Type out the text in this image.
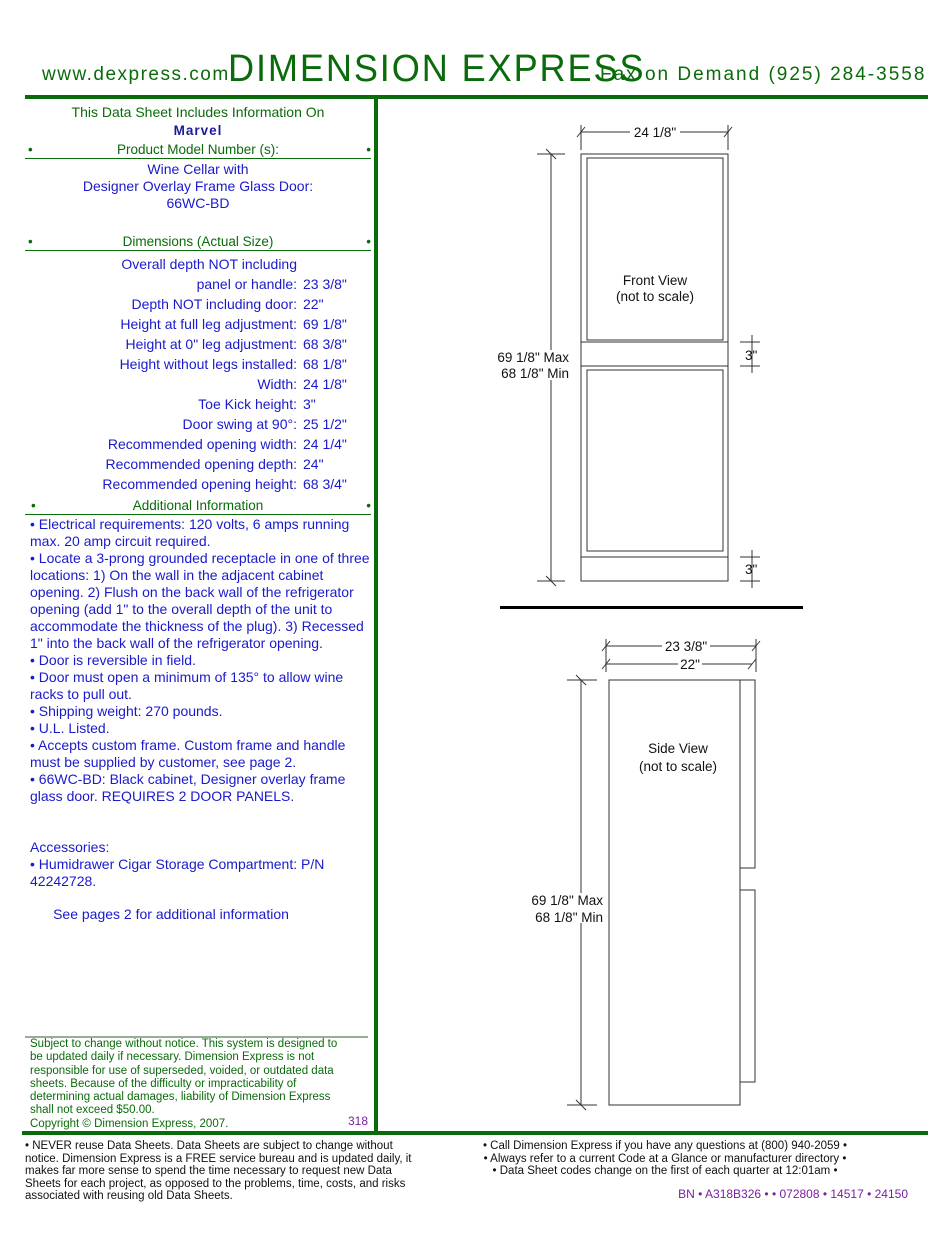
www.dexpress.com
DIMENSION EXPRESS
Fax on Demand (925) 284-3558
This Data Sheet Includes Information On
Marvel
•	Product Model Number (s):	•
Wine Cellar with
Designer Overlay Frame Glass Door:
66WC-BD
•	Dimensions (Actual Size)	•
Overall depth NOT including
panel or handle: 23 3/8"
Depth NOT including door: 22"
Height at full leg adjustment: 69 1/8"
Height at 0" leg adjustment: 68 3/8"
Height without legs installed: 68 1/8"
Width: 24 1/8"
Toe Kick height: 3"
Door swing at 90°: 25 1/2"
Recommended opening width: 24 1/4"
Recommended opening depth: 24"
Recommended opening height: 68 3/4"
•	Additional Information	•
• Electrical requirements: 120 volts, 6 amps running max. 20 amp circuit required.
• Locate a 3-prong grounded receptacle in one of three locations: 1) On the wall in the adjacent cabinet opening. 2) Flush on the back wall of the refrigerator opening (add 1" to the overall depth of the unit to accommodate the thickness of the plug). 3) Recessed 1" into the back wall of the refrigerator opening.
• Door is reversible in field.
• Door must open a minimum of 135° to allow wine racks to pull out.
• Shipping weight: 270 pounds.
• U.L. Listed.
• Accepts custom frame. Custom frame and handle must be supplied by customer, see page 2.
• 66WC-BD: Black cabinet, Designer overlay frame glass door. REQUIRES 2 DOOR PANELS.
Accessories:
• Humidrawer Cigar Storage Compartment: P/N 42242728.
See pages 2 for additional information
Subject to change without notice. This system is designed to be updated daily if necessary. Dimension Express is not responsible for use of superseded, voided, or outdated data sheets. Because of the difficulty or impracticability of determining actual damages, liability of Dimension Express shall not exceed $50.00.
Copyright © Dimension Express, 2007.	318
24 1/8"
Front View
(not to scale)
69 1/8" Max
68 1/8" Min
3"
3"
23 3/8"
22"
Side View
(not to scale)
69 1/8" Max
68 1/8" Min
• NEVER reuse Data Sheets. Data Sheets are subject to change without notice. Dimension Express is a FREE service bureau and is updated daily, it makes far more sense to spend the time necessary to request new Data Sheets for each project, as opposed to the problems, time, costs, and risks associated with reusing old Data Sheets.
• Call Dimension Express if you have any questions at (800) 940-2059 •
• Always refer to a current Code at a Glance or manufacturer directory •
• Data Sheet codes change on the first of each quarter at 12:01am •
BN • A318B326 • • 072808 • 14517 • 24150
